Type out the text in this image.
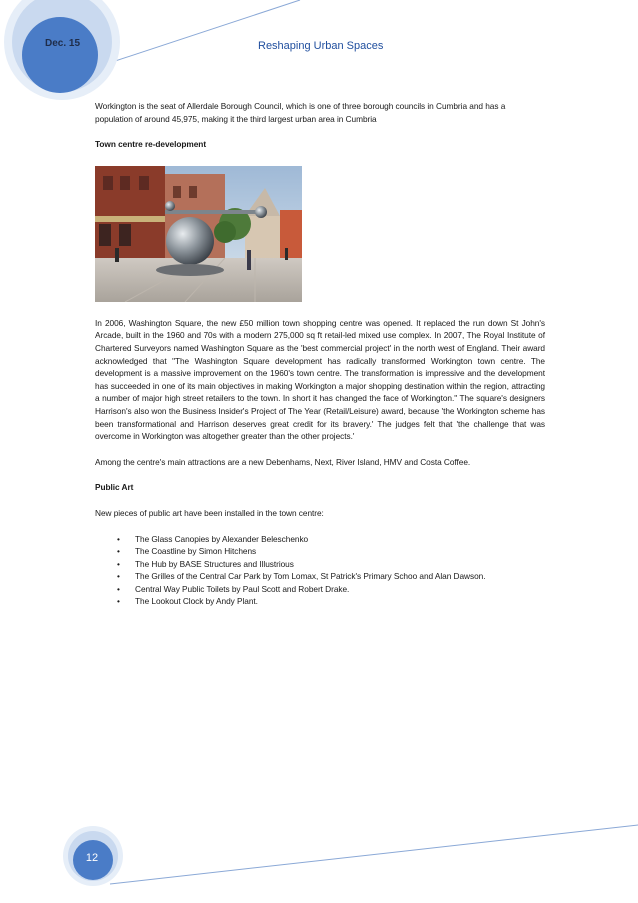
Dec. 15	Reshaping Urban Spaces

Workington is the seat of Allerdale Borough Council, which is one of three borough councils in Cumbria and has a population of around 45,975, making it the third largest urban area in Cumbria

Town centre re-development

In 2006, Washington Square, the new £50 million town shopping centre was opened. It replaced the run down St John's Arcade, built in the 1960 and 70s with a modern 275,000 sq ft retail-led mixed use complex. In 2007, The Royal Institute of Chartered Surveyors named Washington Square as the 'best commercial project' in the north west of England. Their award acknowledged that "The Washington Square development has radically transformed Workington town centre. The development is a massive improvement on the 1960's town centre. The transformation is impressive and the development has succeeded in one of its main objectives in making Workington a major shopping destination within the region, attracting a number of major high street retailers to the town. In short it has changed the face of Workington." The square's designers Harrison's also won the Business Insider's Project of The Year (Retail/Leisure) award, because 'the Workington scheme has been transformational and Harrison deserves great credit for its bravery.' The judges felt that 'the challenge that was overcome in Workington was altogether greater than the other projects.'

Among the centre's main attractions are a new Debenhams, Next, River Island, HMV and Costa Coffee.

Public Art

New pieces of public art have been installed in the town centre:

• The Glass Canopies by Alexander Beleschenko
• The Coastline by Simon Hitchens
• The Hub by BASE Structures and Illustrious
• The Grilles of the Central Car Park by Tom Lomax, St Patrick's Primary Schoo and Alan Dawson.
• Central Way Public Toilets by Paul Scott and Robert Drake.
• The Lookout Clock by Andy Plant.
12
